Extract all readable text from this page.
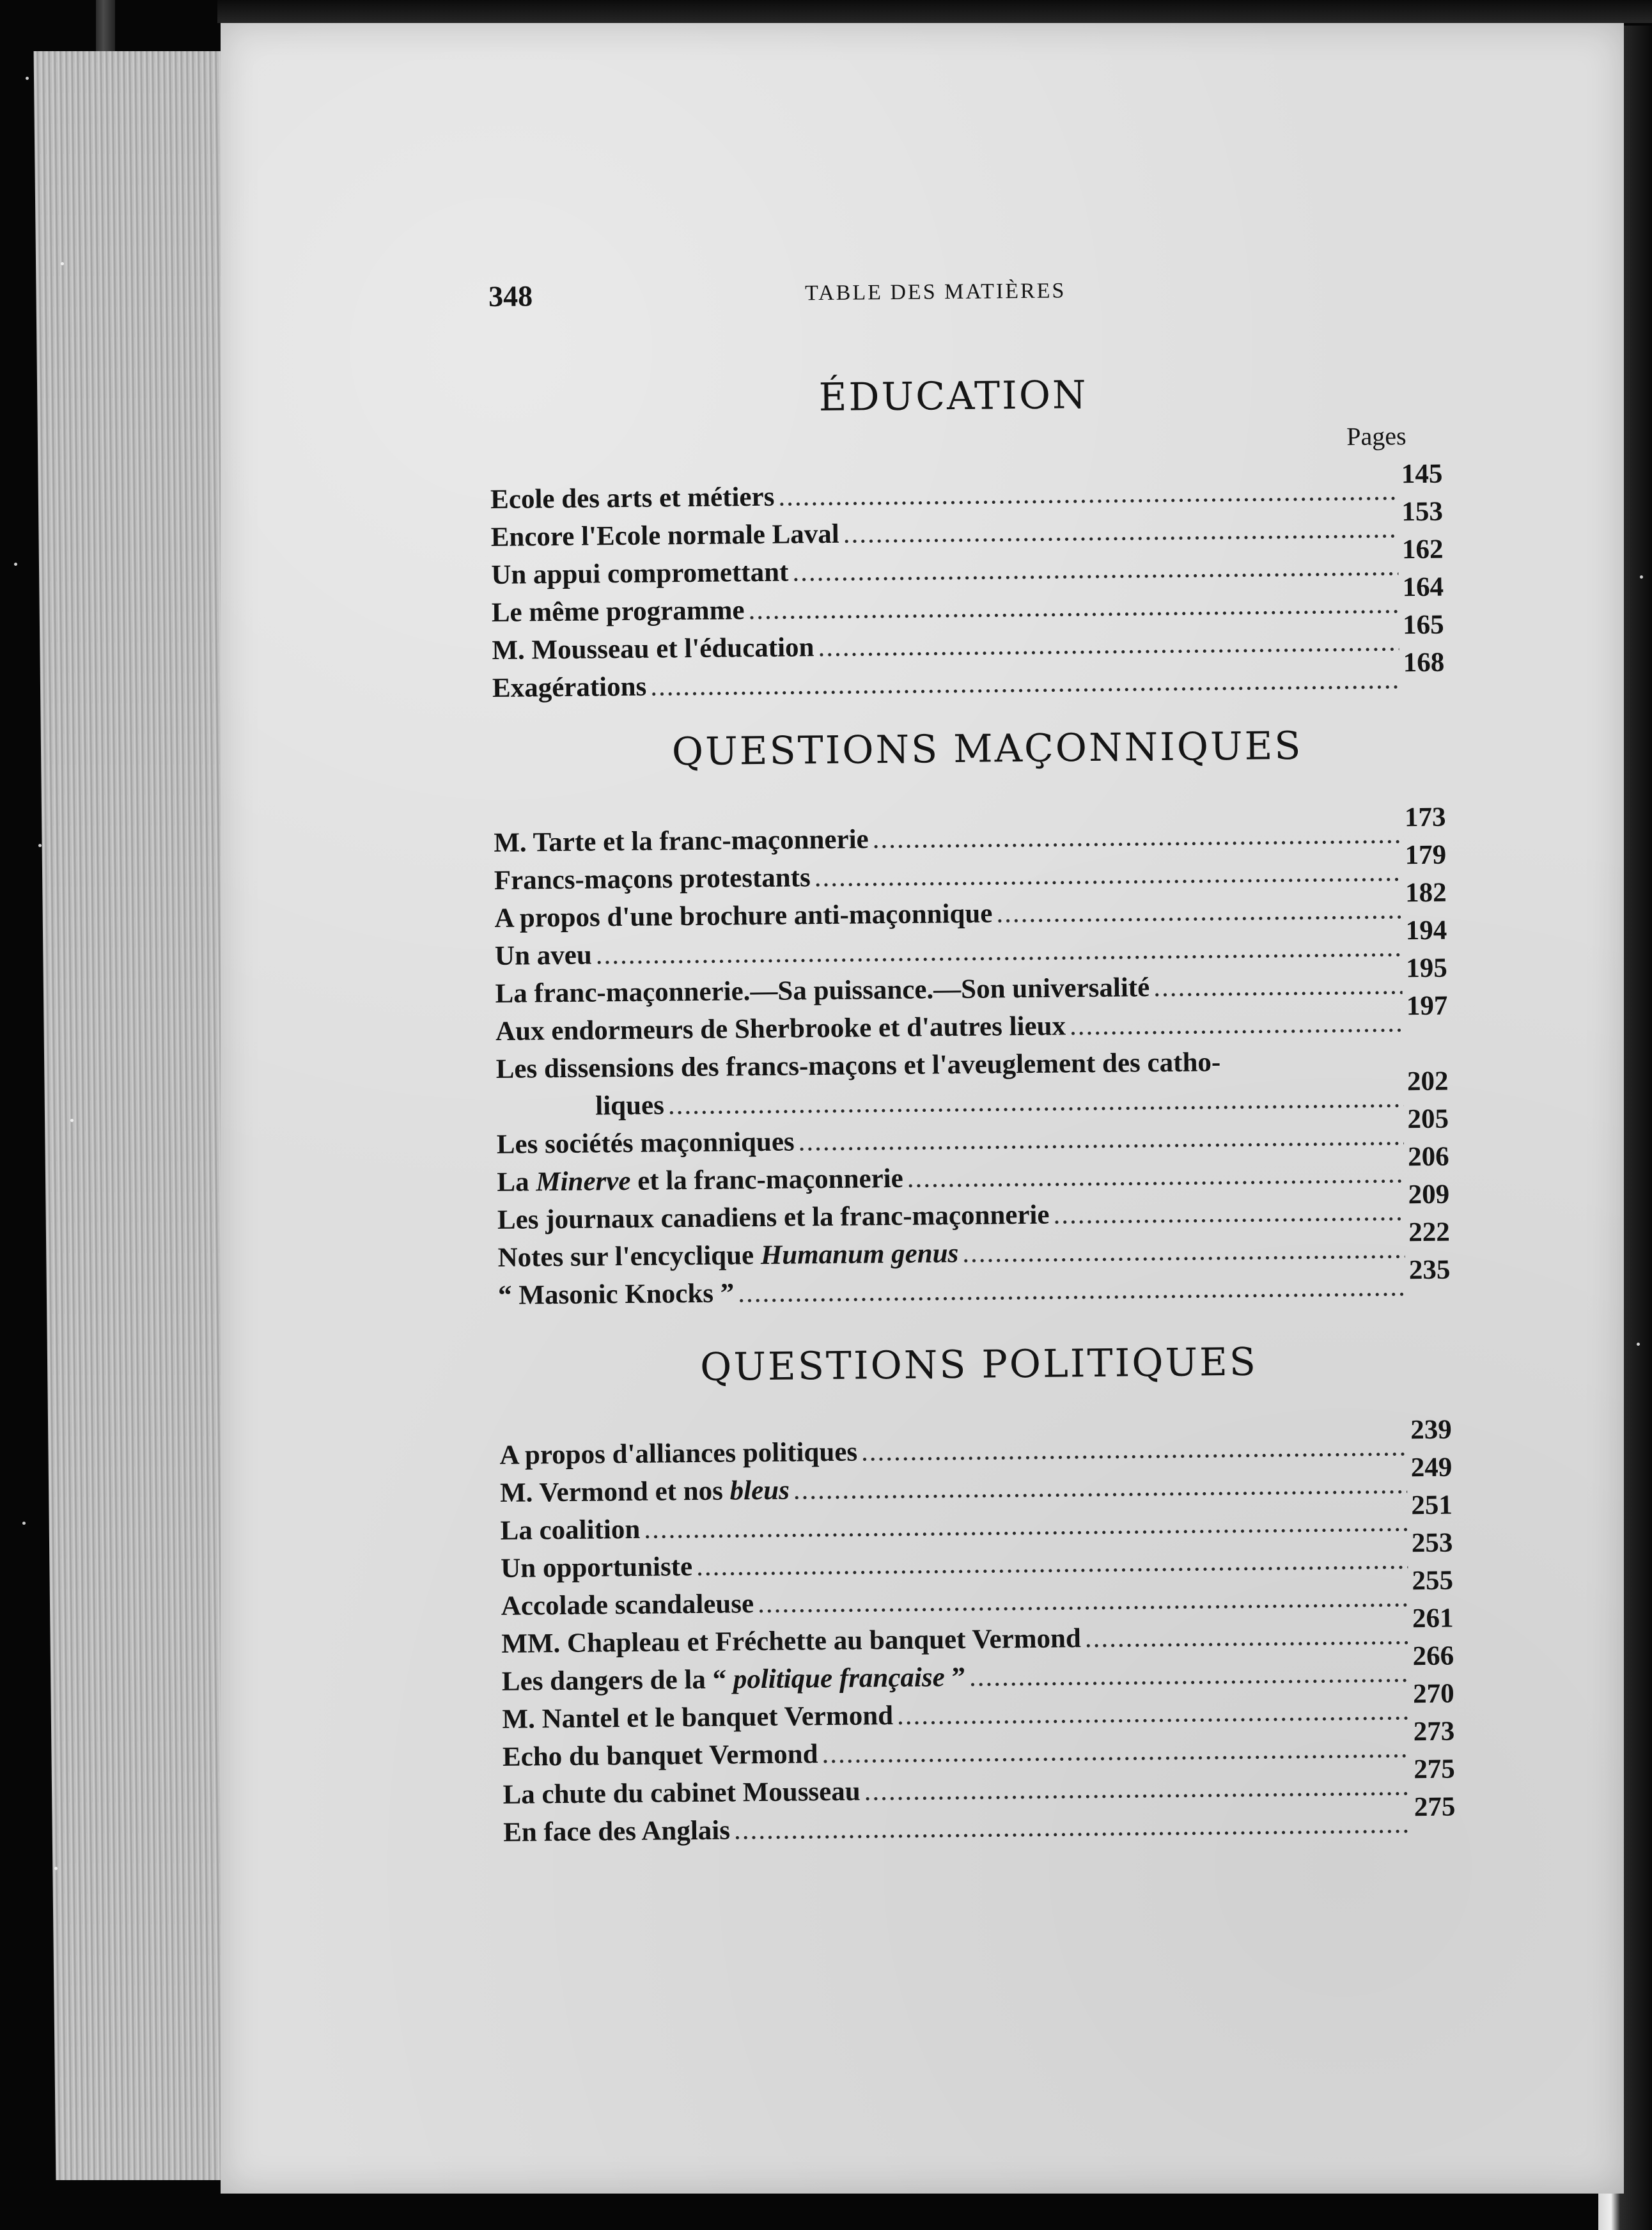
348	TABLE DES MATIÈRES
ÉDUCATION
Pages
Ecole des arts et métiers
.....
145
Encore l'Ecole normale Laval
.....
153
Un appui compromettant
.....
162
Le même programme
.....
164
M. Mousseau et l'éducation
.....
165
Exagérations
.....
168
QUESTIONS MAÇONNIQUES
M. Tarte et la franc-maçonnerie
.....
173
Francs-maçons protestants
.....
179
A propos d'une brochure anti-maçonnique
.....
182
Un aveu
.....
194
La franc-maçonnerie.—Sa puissance.—Son universalité
.....
195
Aux endormeurs de Sherbrooke et d'autres lieux
.....
197
Les dissensions des francs-maçons et l'aveuglement des catho-
liques
.....
202
Les sociétés maçonniques
.....
205
La Minerve et la franc-maçonnerie
.....
206
Les journaux canadiens et la franc-maçonnerie
.....
209
Notes sur l'encyclique Humanum genus
.....
222
“ Masonic Knocks ”
.....
235
QUESTIONS POLITIQUES
A propos d'alliances politiques
.....
239
M. Vermond et nos bleus
.....
249
La coalition
.....
251
Un opportuniste
.....
253
Accolade scandaleuse
.....
255
MM. Chapleau et Fréchette au banquet Vermond
.....
261
Les dangers de la “ politique française ”
.....
266
M. Nantel et le banquet Vermond
.....
270
Echo du banquet Vermond
.....
273
La chute du cabinet Mousseau
.....
275
En face des Anglais
.....
275
